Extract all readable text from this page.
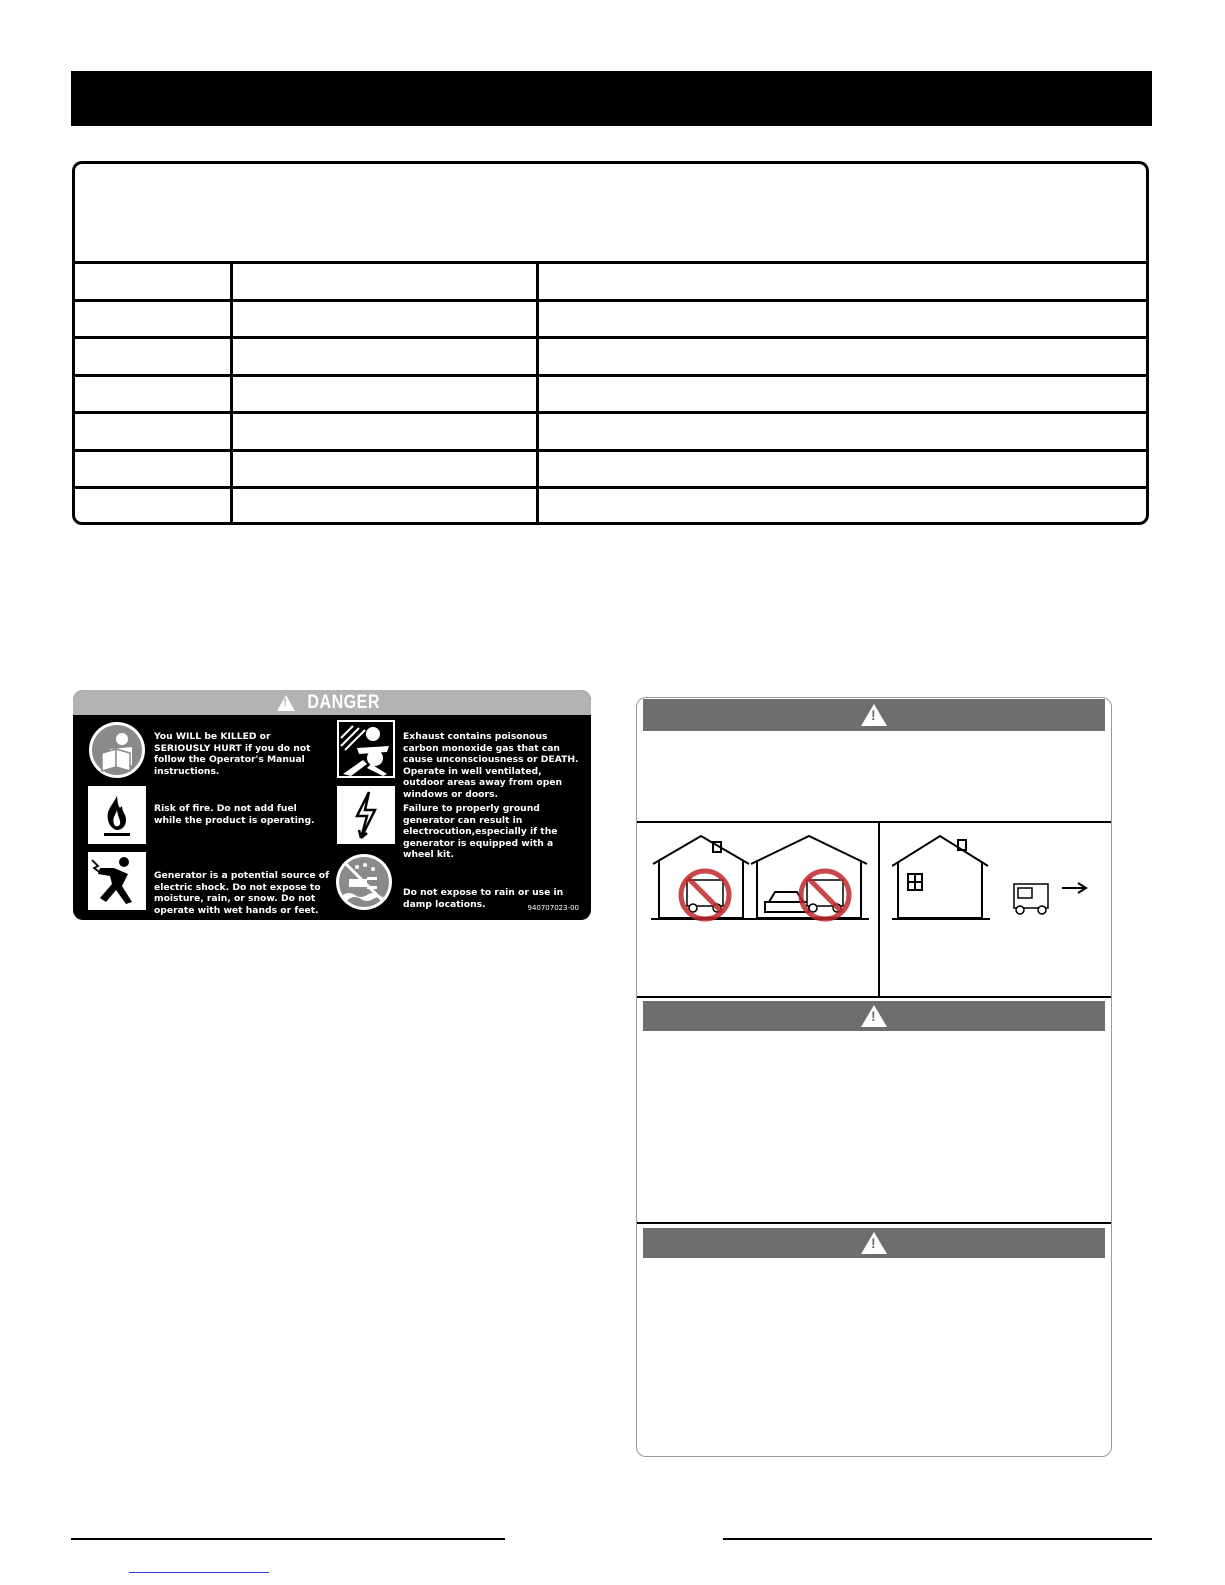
!
DANGER
You WILL be KILLED or SERIOUSLY HURT if you do not follow the Operator's Manual instructions.
Exhaust contains poisonous carbon monoxide gas that can cause unconsciousness or DEATH. Operate in well ventilated, outdoor areas away from open windows or doors.
Risk of fire. Do not add fuel while the product is operating.
Failure to properly ground generator can result in electrocution,especially if the generator is equipped with a wheel kit.
Generator is a potential source of electric shock. Do not expose to moisture, rain, or snow. Do not operate with wet hands or feet.
Do not expose to rain or use in damp locations.	940707023-00
!
!
!
